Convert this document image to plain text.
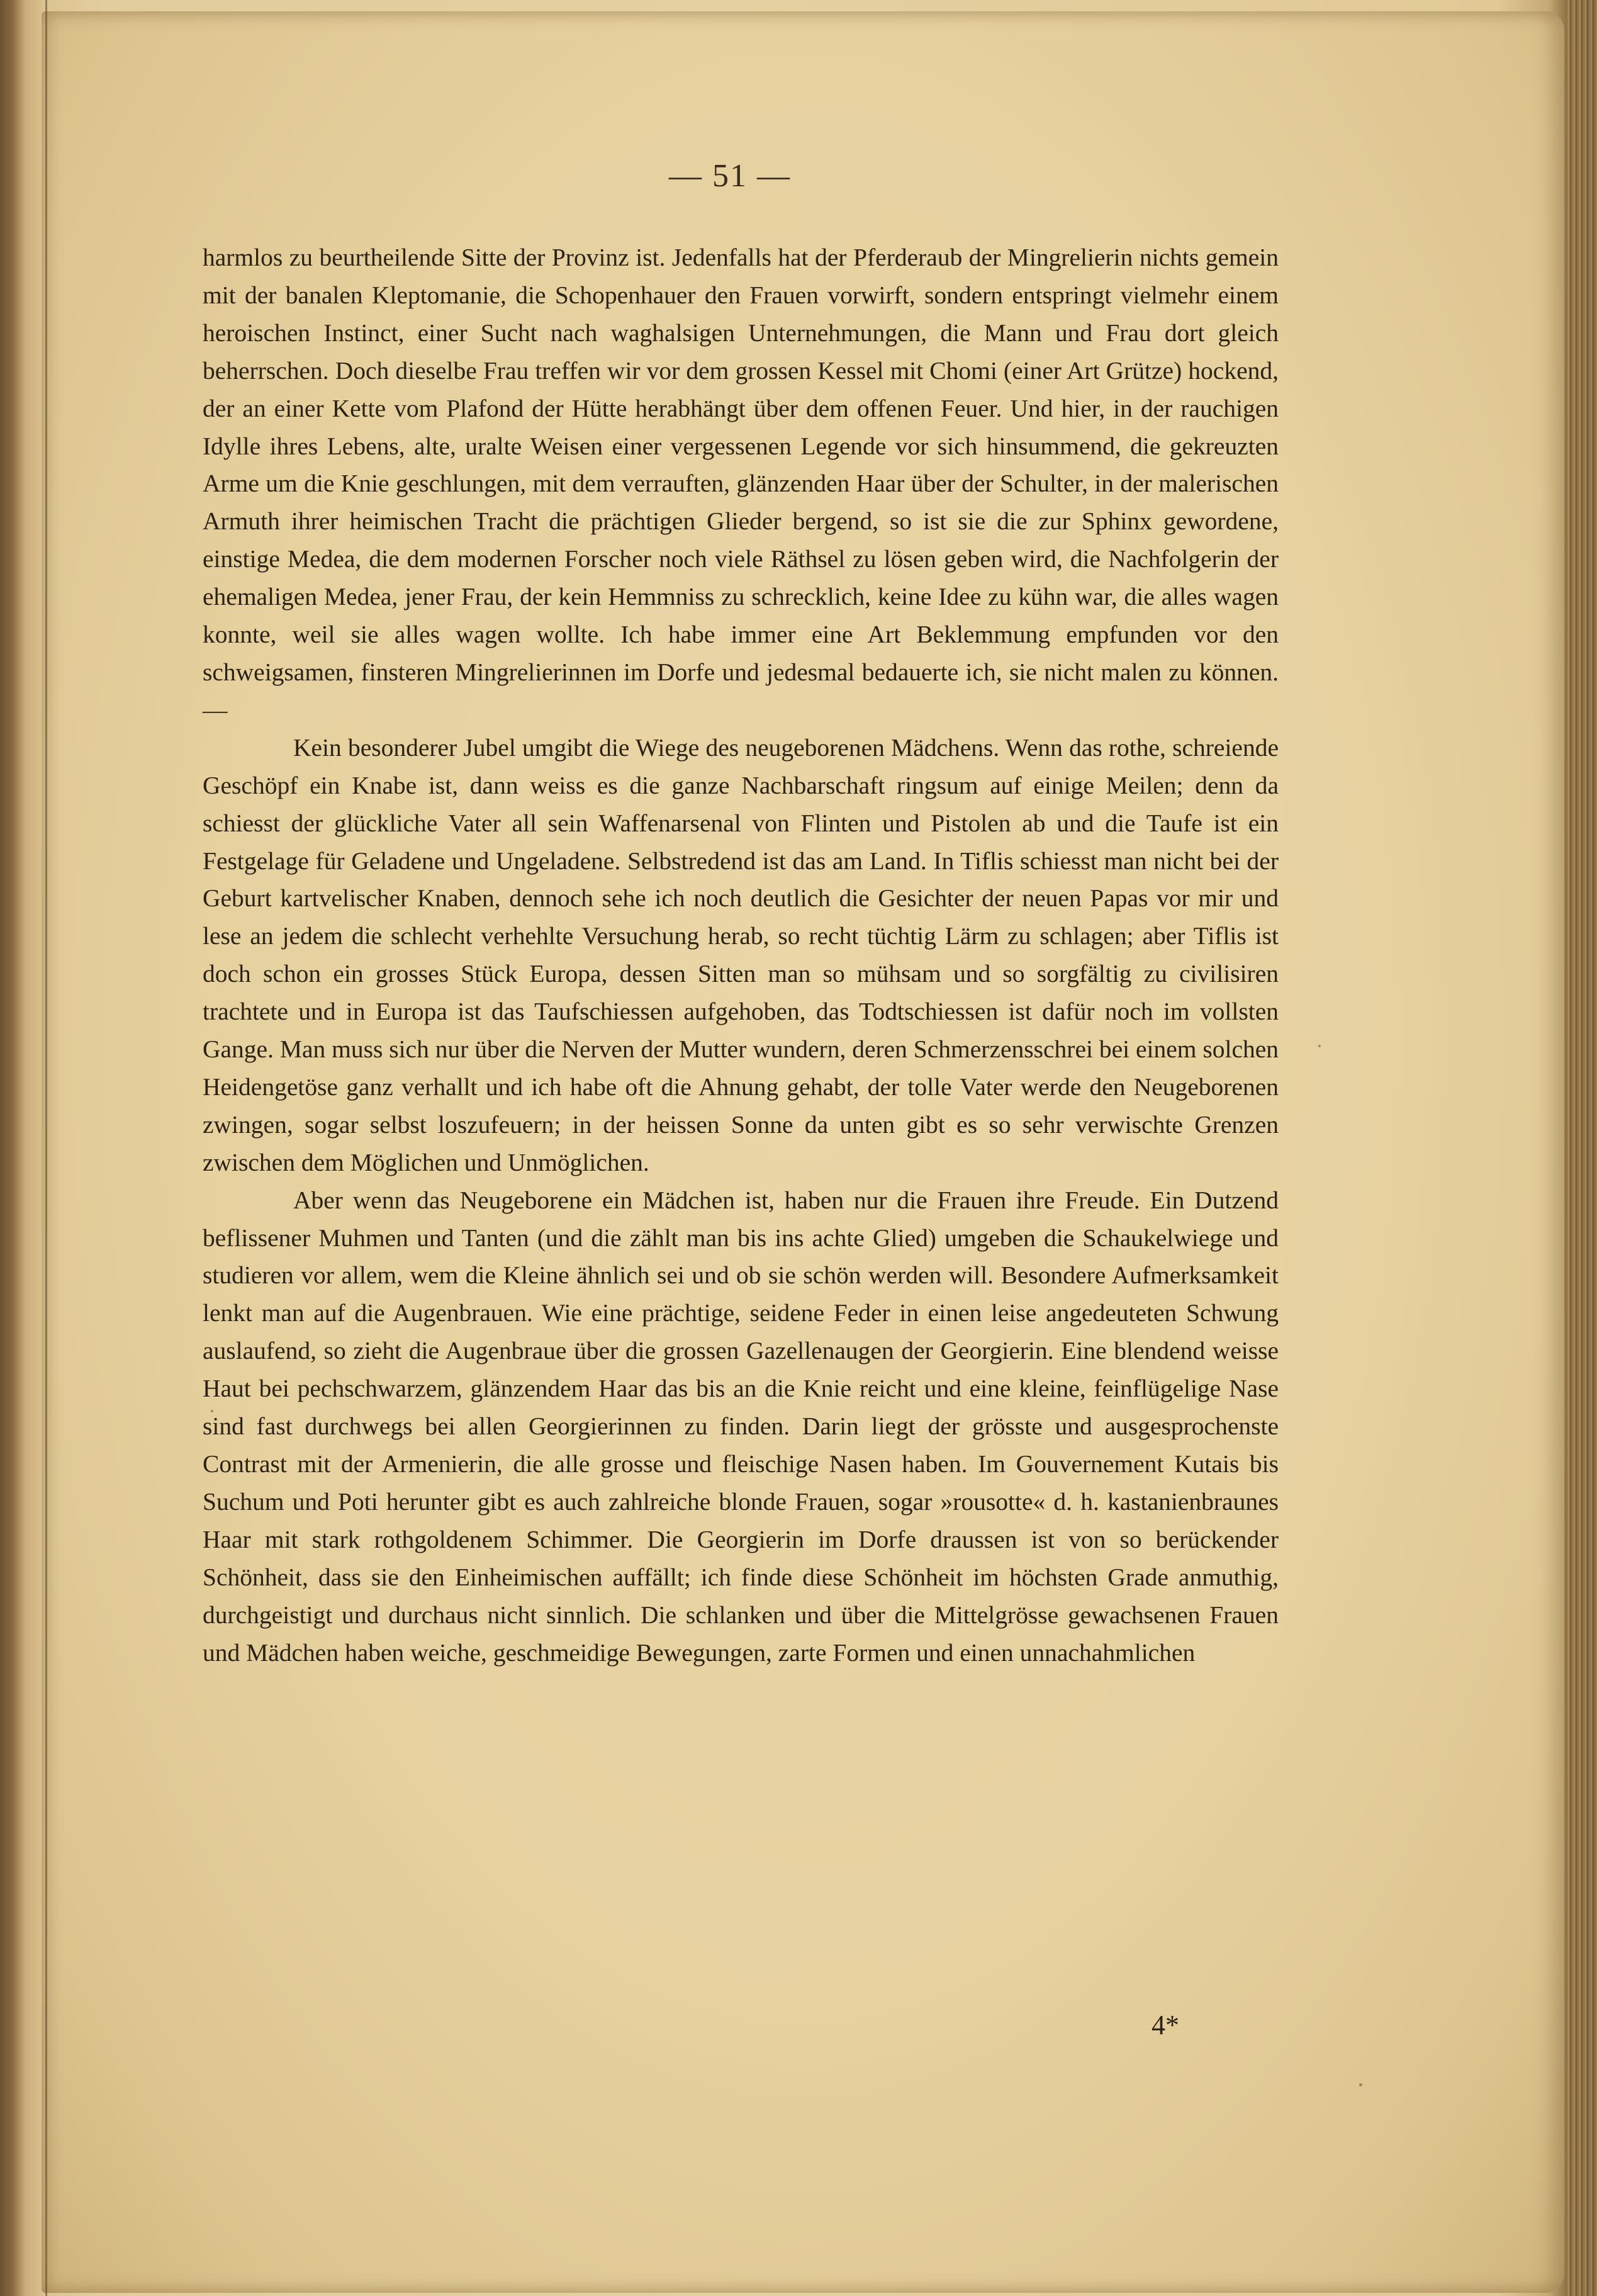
— 51 —

harmlos zu beurtheilende Sitte der Provinz ist. Jedenfalls hat der Pferderaub der Mingrelierin nichts gemein mit der banalen Kleptomanie, die Schopenhauer den Frauen vorwirft, sondern entspringt vielmehr einem heroischen Instinct, einer Sucht nach waghalsigen Unternehmungen, die Mann und Frau dort gleich beherrschen. Doch dieselbe Frau treffen wir vor dem grossen Kessel mit Chomi (einer Art Grütze) hockend, der an einer Kette vom Plafond der Hütte herabhängt über dem offenen Feuer. Und hier, in der rauchigen Idylle ihres Lebens, alte, uralte Weisen einer vergessenen Legende vor sich hinsummend, die gekreuzten Arme um die Knie geschlungen, mit dem verrauften, glänzenden Haar über der Schulter, in der malerischen Armuth ihrer heimischen Tracht die prächtigen Glieder bergend, so ist sie die zur Sphinx gewordene, einstige Medea, die dem modernen Forscher noch viele Räthsel zu lösen geben wird, die Nachfolgerin der ehemaligen Medea, jener Frau, der kein Hemmniss zu schrecklich, keine Idee zu kühn war, die alles wagen konnte, weil sie alles wagen wollte. Ich habe immer eine Art Beklemmung empfunden vor den schweigsamen, finsteren Mingrelierinnen im Dorfe und jedesmal bedauerte ich, sie nicht malen zu können. —

Kein besonderer Jubel umgibt die Wiege des neugeborenen Mädchens. Wenn das rothe, schreiende Geschöpf ein Knabe ist, dann weiss es die ganze Nachbarschaft ringsum auf einige Meilen; denn da schiesst der glückliche Vater all sein Waffenarsenal von Flinten und Pistolen ab und die Taufe ist ein Festgelage für Geladene und Ungeladene. Selbstredend ist das am Land. In Tiflis schiesst man nicht bei der Geburt kartvelischer Knaben, dennoch sehe ich noch deutlich die Gesichter der neuen Papas vor mir und lese an jedem die schlecht verhehlte Versuchung herab, so recht tüchtig Lärm zu schlagen; aber Tiflis ist doch schon ein grosses Stück Europa, dessen Sitten man so mühsam und so sorgfältig zu civilisiren trachtete und in Europa ist das Taufschiessen aufgehoben, das Todtschiessen ist dafür noch im vollsten Gange. Man muss sich nur über die Nerven der Mutter wundern, deren Schmerzensschrei bei einem solchen Heidengetöse ganz verhallt und ich habe oft die Ahnung gehabt, der tolle Vater werde den Neugeborenen zwingen, sogar selbst loszufeuern; in der heissen Sonne da unten gibt es so sehr verwischte Grenzen zwischen dem Möglichen und Unmöglichen.

Aber wenn das Neugeborene ein Mädchen ist, haben nur die Frauen ihre Freude. Ein Dutzend beflissener Muhmen und Tanten (und die zählt man bis ins achte Glied) umgeben die Schaukelwiege und studieren vor allem, wem die Kleine ähnlich sei und ob sie schön werden will. Besondere Aufmerksamkeit lenkt man auf die Augenbrauen. Wie eine prächtige, seidene Feder in einen leise angedeuteten Schwung auslaufend, so zieht die Augenbraue über die grossen Gazellenaugen der Georgierin. Eine blendend weisse Haut bei pechschwarzem, glänzendem Haar das bis an die Knie reicht und eine kleine, feinflügelige Nase sind fast durchwegs bei allen Georgierinnen zu finden. Darin liegt der grösste und ausgesprochenste Contrast mit der Armenierin, die alle grosse und fleischige Nasen haben. Im Gouvernement Kutais bis Suchum und Poti herunter gibt es auch zahlreiche blonde Frauen, sogar »rousotte« d. h. kastanienbraunes Haar mit stark rothgoldenem Schimmer. Die Georgierin im Dorfe draussen ist von so berückender Schönheit, dass sie den Einheimischen auffällt; ich finde diese Schönheit im höchsten Grade anmuthig, durchgeistigt und durchaus nicht sinnlich. Die schlanken und über die Mittelgrösse gewachsenen Frauen und Mädchen haben weiche, geschmeidige Bewegungen, zarte Formen und einen unnachahmlichen

4*
